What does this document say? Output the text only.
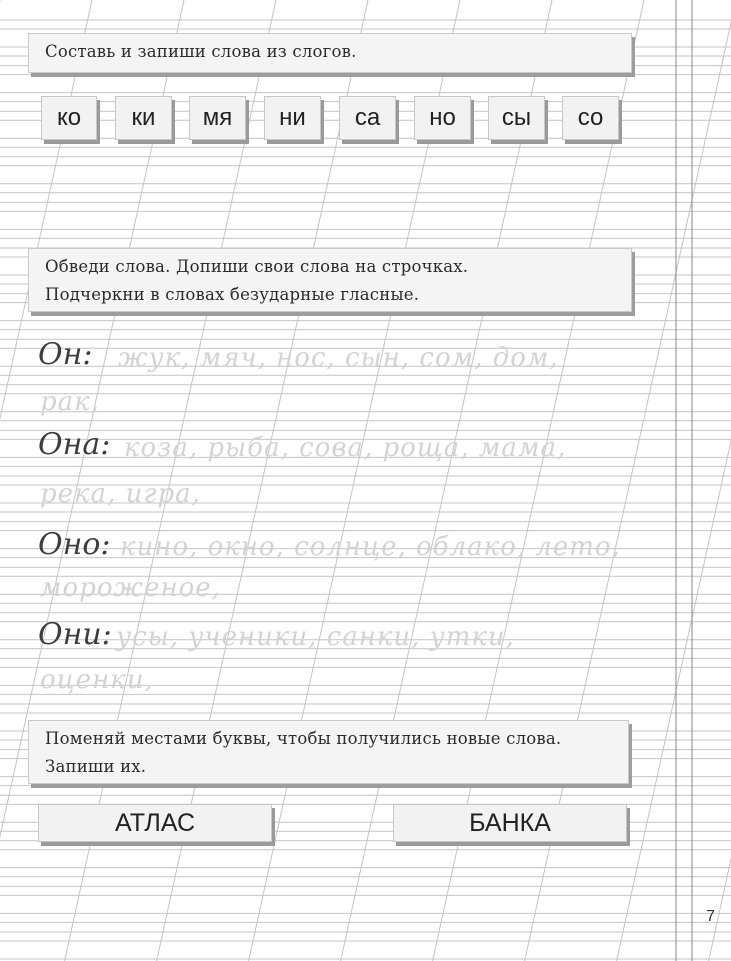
Составь и запиши слова из слогов.
ко ки мя ни са но сы со
Обведи слова. Допиши свои слова на строчках.
Подчеркни в словах безударные гласные.
Он: жук, мяч, нос, сын, сом, дом,
рак,
Она: коза, рыба, сова, роща, мама,
река, игра,
Оно: кино, окно, солнце, облако, лето,
мороженое,
Они: усы, ученики, санки, утки,
оценки,
Поменяй местами буквы, чтобы получились новые слова.
Запиши их.
АТЛАС	БАНКА
7
